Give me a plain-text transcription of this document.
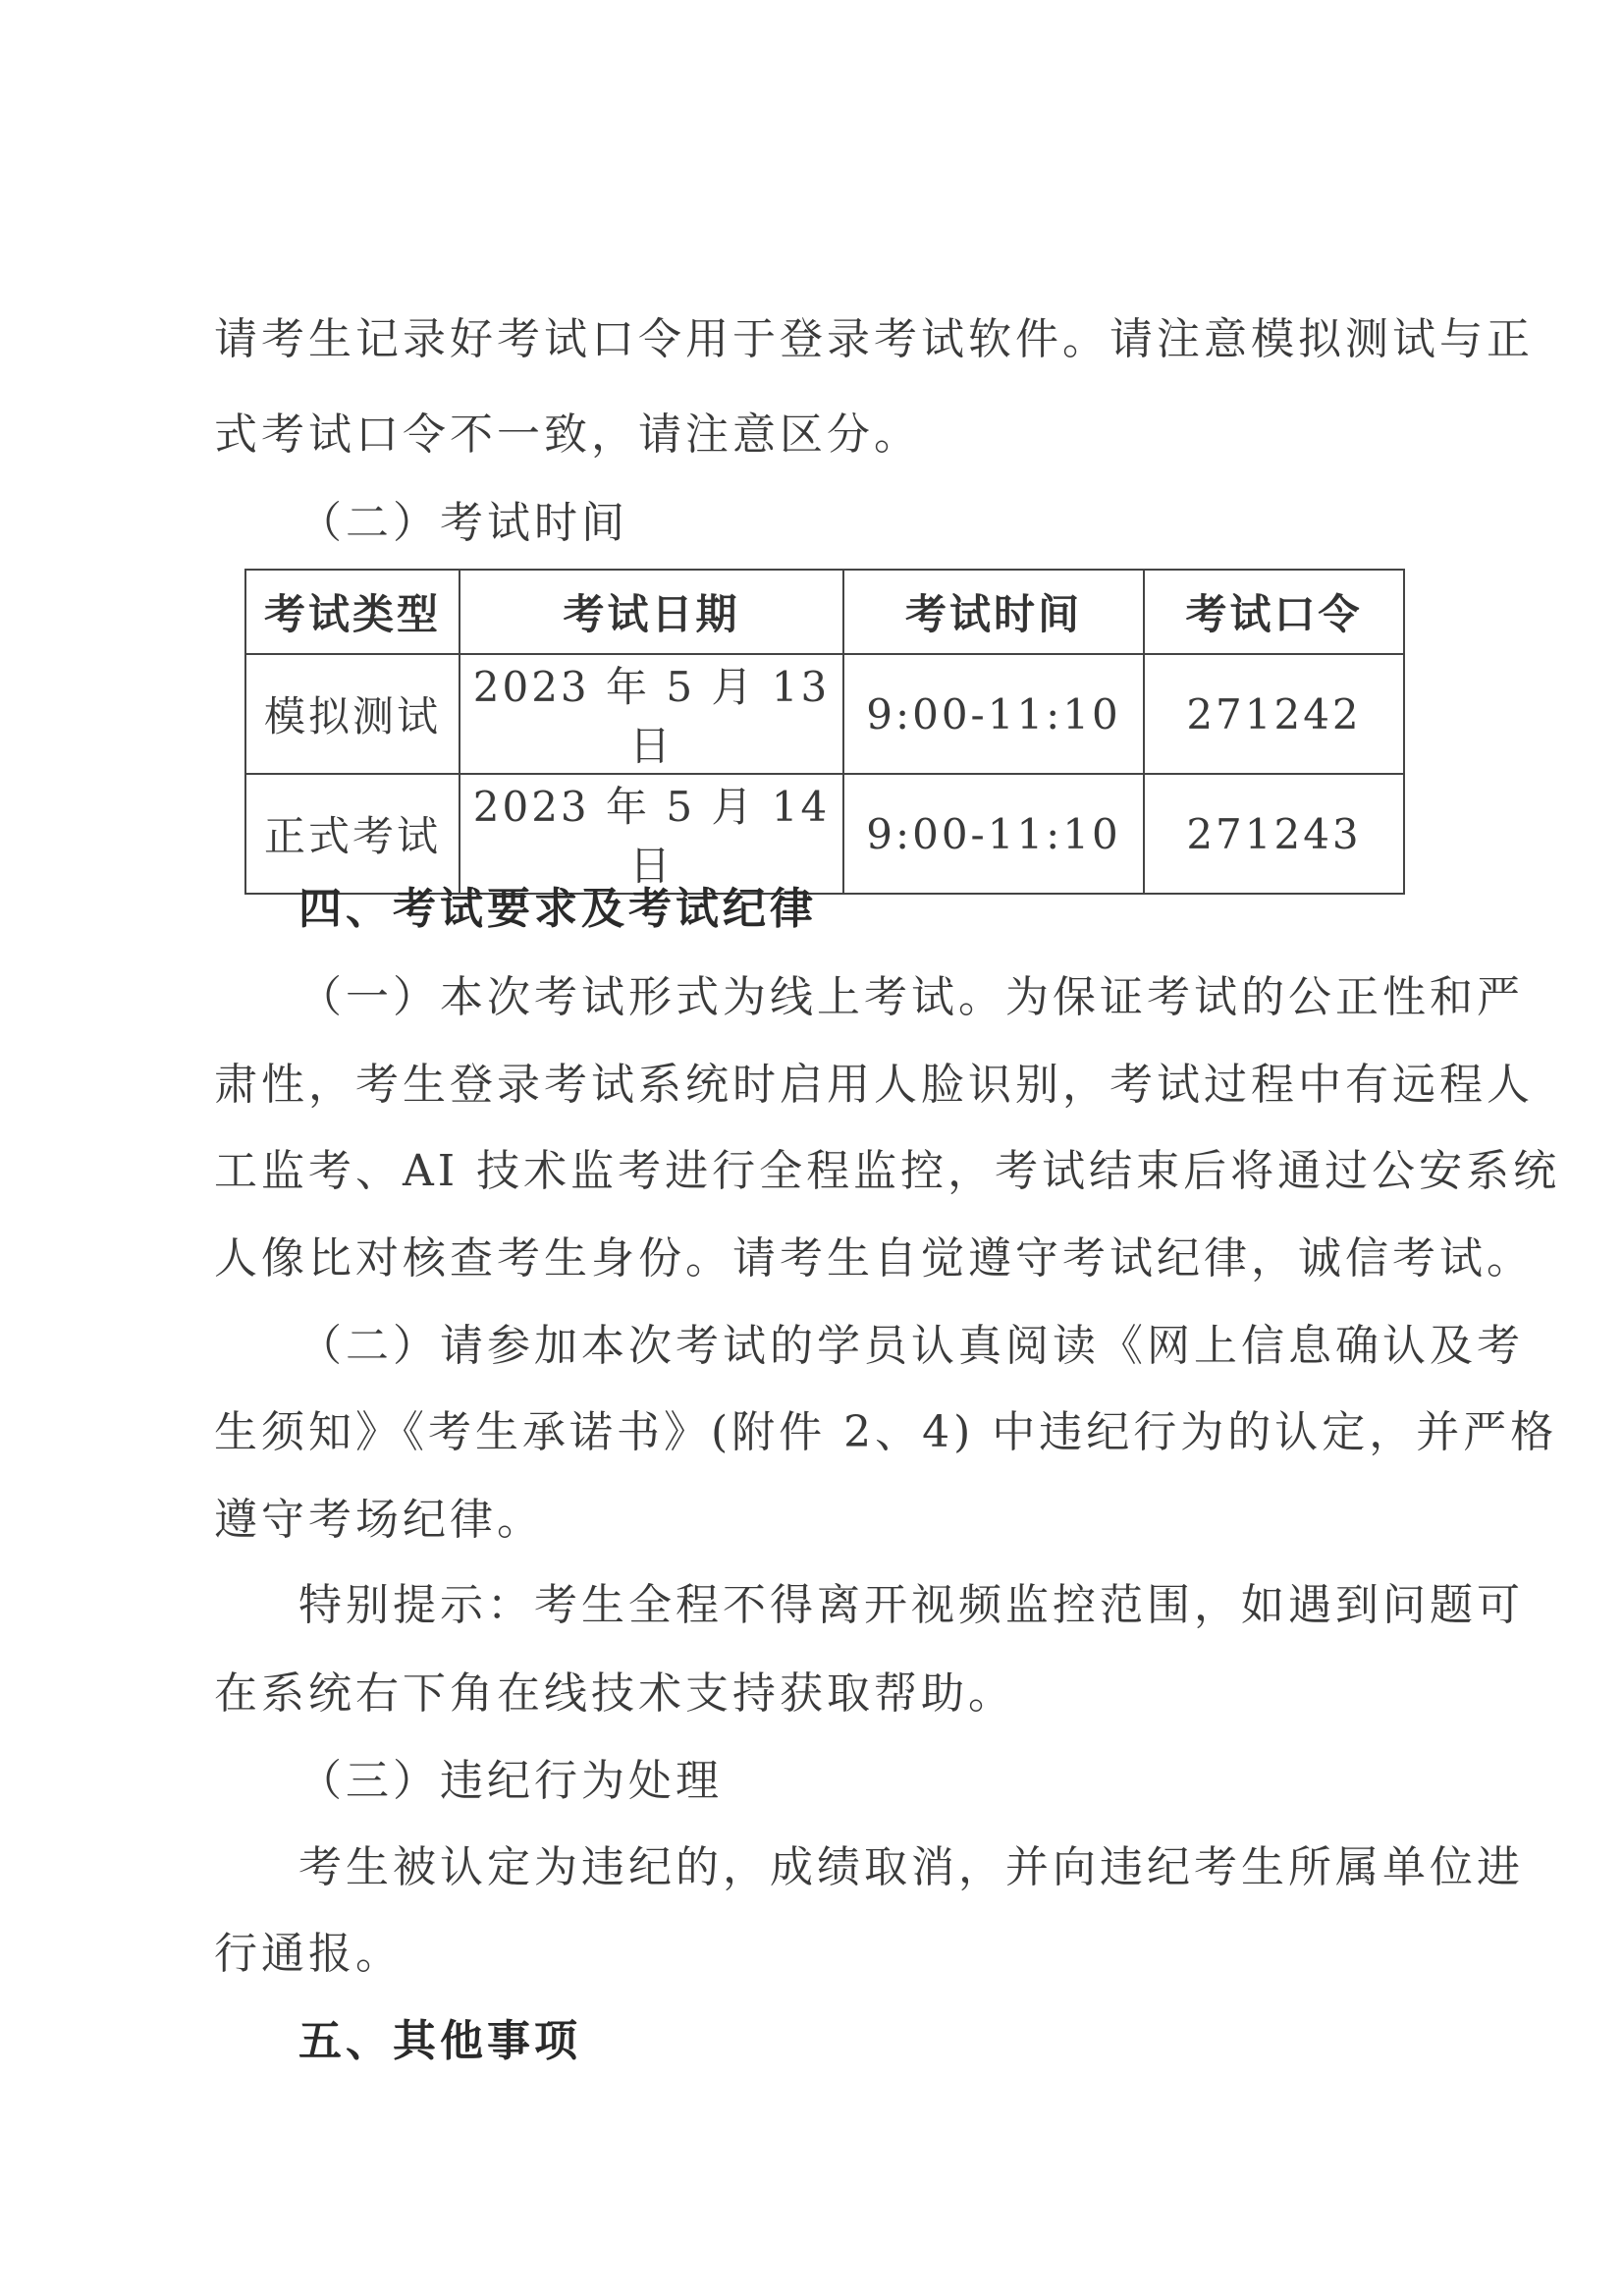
请考生记录好考试口令用于登录考试软件。请注意模拟测试与正
式考试口令不一致，请注意区分。
（二）考试时间
考试类型	考试日期	考试时间	考试口令
模拟测试	2023 年 5 月 13 日	9:00-11:10	271242
正式考试	2023 年 5 月 14 日	9:00-11:10	271243
四、考试要求及考试纪律
（一）本次考试形式为线上考试。为保证考试的公正性和严
肃性，考生登录考试系统时启用人脸识别，考试过程中有远程人
工监考、AI 技术监考进行全程监控，考试结束后将通过公安系统
人像比对核查考生身份。请考生自觉遵守考试纪律，诚信考试。
（二）请参加本次考试的学员认真阅读《网上信息确认及考
生须知》《考生承诺书》(附件 2、4) 中违纪行为的认定，并严格
遵守考场纪律。
特别提示：考生全程不得离开视频监控范围，如遇到问题可
在系统右下角在线技术支持获取帮助。
（三）违纪行为处理
考生被认定为违纪的，成绩取消，并向违纪考生所属单位进
行通报。
五、其他事项
